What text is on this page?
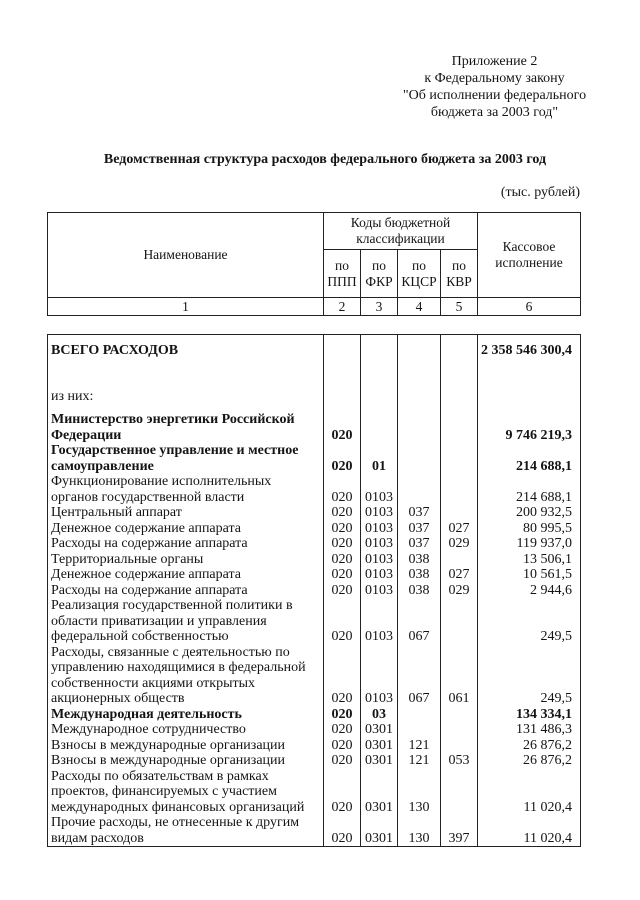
Приложение 2
к Федеральному закону
"Об исполнении федерального
бюджета за 2003 год"
Ведомственная структура расходов федерального бюджета за 2003 год
(тыс. рублей)
Наименование	Коды бюджетной классификации				Кассовое исполнение
	по ППП	по ФКР	по КЦСР	по КВР	
1	2	3	4	5	6

ВСЕГО РАСХОДОВ					2 358 546 300,4

из них:					

Министерство энергетики Российской Федерации	020				9 746 219,3
Государственное управление и местное самоуправление	020	01			214 688,1
Функционирование исполнительных органов государственной власти	020	0103			214 688,1
Центральный аппарат	020	0103	037		200 932,5
Денежное содержание аппарата	020	0103	037	027	80 995,5
Расходы на содержание аппарата	020	0103	037	029	119 937,0
Территориальные органы	020	0103	038		13 506,1
Денежное содержание аппарата	020	0103	038	027	10 561,5
Расходы на содержание аппарата	020	0103	038	029	2 944,6
Реализация государственной политики в области приватизации и управления федеральной собственностью	020	0103	067		249,5
Расходы, связанные с деятельностью по управлению находящимися в федеральной собственности акциями открытых акционерных обществ	020	0103	067	061	249,5
Международная деятельность	020	03			134 334,1
Международное сотрудничество	020	0301			131 486,3
Взносы в международные организации	020	0301	121		26 876,2
Взносы в международные организации	020	0301	121	053	26 876,2
Расходы по обязательствам в рамках проектов, финансируемых с участием международных финансовых организаций	020	0301	130		11 020,4
Прочие расходы, не отнесенные к другим видам расходов	020	0301	130	397	11 020,4
